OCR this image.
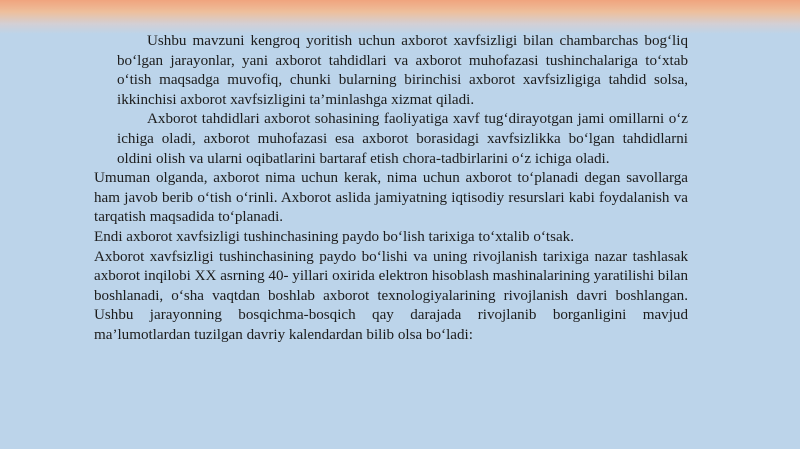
Ushbu mavzuni kengroq yoritish uchun axborot xavfsizligi bilan chambarchas bog‘liq bo‘lgan jarayonlar, yani axborot tahdidlari va axborot muhofazasi tushinchalariga to‘xtab o‘tish maqsadga muvofiq, chunki bularning birinchisi axborot xavfsizligiga tahdid solsa, ikkinchisi axborot xavfsizligini ta’minlashga xizmat qiladi.

Axborot tahdidlari axborot sohasining faoliyatiga xavf tug‘dirayotgan jami omillarni o‘z ichiga oladi, axborot muhofazasi esa axborot borasidagi xavfsizlikka bo‘lgan tahdidlarni oldini olish va ularni oqibatlarini bartaraf etish chora-tadbirlarini o‘z ichiga oladi.

Umuman olganda, axborot nima uchun kerak, nima uchun axborot to‘planadi degan savollarga ham javob berib o‘tish o‘rinli. Axborot aslida jamiyatning iqtisodiy resurslari kabi foydalanish va tarqatish maqsadida to‘planadi.

Endi axborot xavfsizligi tushinchasining paydo bo‘lish tarixiga to‘xtalib o‘tsak.

Axborot xavfsizligi tushinchasining paydo bo‘lishi va uning rivojlanish tarixiga nazar tashlasak axborot inqilobi XX asrning 40- yillari oxirida elektron hisoblash mashinalarining yaratilishi bilan boshlanadi, o‘sha vaqtdan boshlab axborot texnologiyalarining rivojlanish davri boshlangan. Ushbu jarayonning bosqichma-bosqich qay darajada rivojlanib borganligini mavjud ma’lumotlardan tuzilgan davriy kalendardan bilib olsa bo‘ladi:
